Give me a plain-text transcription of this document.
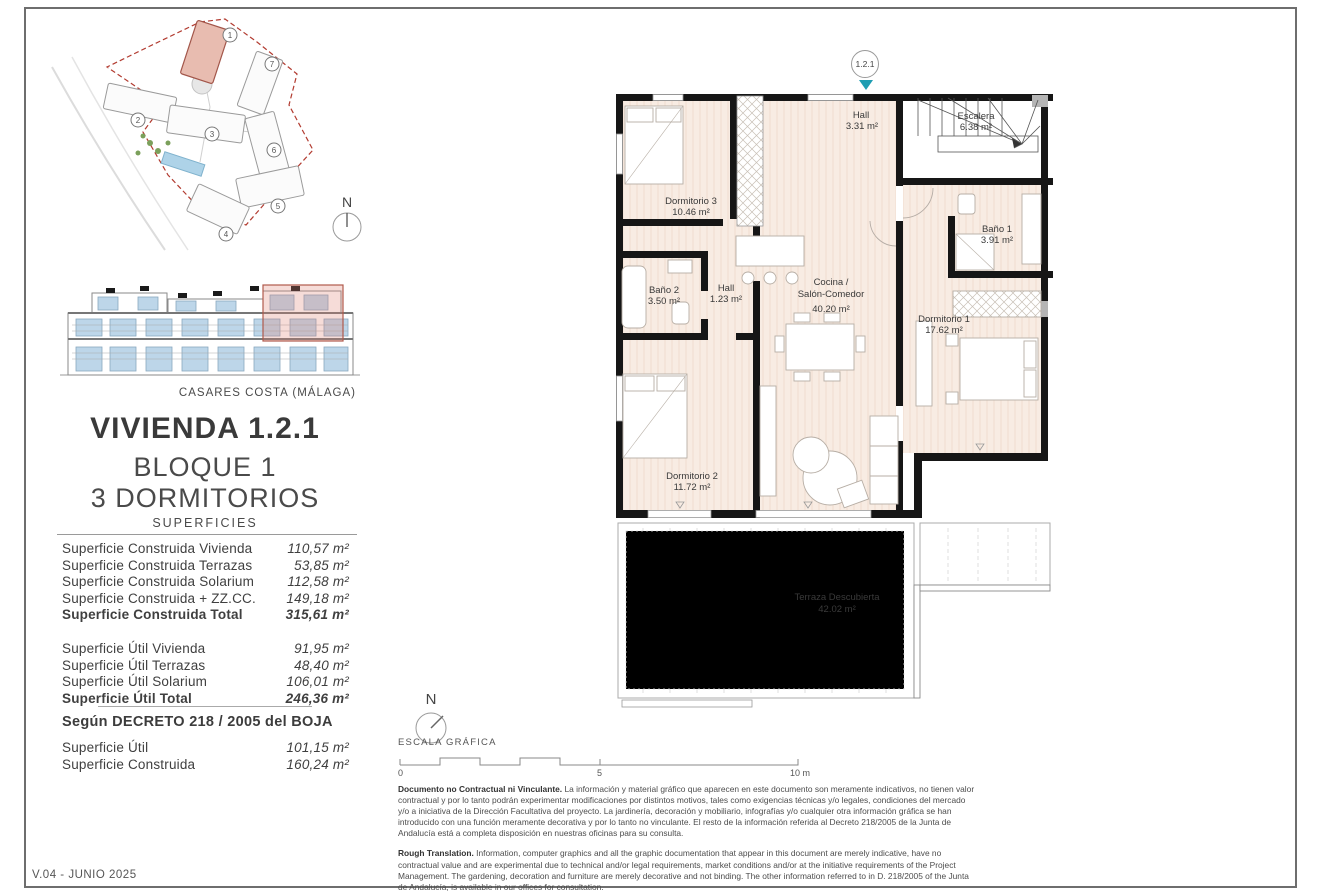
1
2
3
4
5
6
7
N
CASARES COSTA (MÁLAGA)
VIVIENDA 1.2.1
BLOQUE 1
3 DORMITORIOS
SUPERFICIES
Superficie Construida Vivienda	110,57 m²
Superficie Construida Terrazas	53,85 m²
Superficie Construida Solarium 112,58 m²
Superficie Construida + ZZ.CC. 149,18 m²
Superficie Construida Total	315,61 m²
Superficie Útil Vivienda	91,95 m²
Superficie Útil Terrazas	48,40 m²
Superficie Útil Solarium	106,01 m²
Superficie Útil Total	246,36 m²
Según DECRETO 218 / 2005 del BOJA
Superficie Útil	101,15 m²
Superficie Construida	160,24 m²
1.2.1
Hall
3.31 m²
Escalera
6.38 m²
Dormitorio 3
10.46 m²
Baño 1
3.91 m²
Baño 2
3.50 m²
Hall
1.23 m²
Cocina /
Salón-Comedor
40.20 m²
Dormitorio 1
17.62 m²
Dormitorio 2
11.72 m²
Terraza Descubierta
42.02 m²
N
ESCALA GRÁFICA
0	5	10 m

Documento no Contractual ni Vinculante. La información y material gráfico que aparecen en este documento son meramente indicativos, no tienen valor contractual y por lo tanto podrán experimentar modificaciones por distintos motivos, tales como exigencias técnicas y/o legales, condiciones del mercado y/o a iniciativa de la Dirección Facultativa del proyecto. La jardinería, decoración y mobiliario, infografías y/o cualquier otra información gráfica se han introducido con una función meramente decorativa y por lo tanto no vinculante. El resto de la información referida al Decreto 218/2005 de la Junta de Andalucía está a completa disposición en nuestras oficinas para su consulta.

Rough Translation. Information, computer graphics and all the graphic documentation that appear in this document are merely indicative, have no contractual value and are experimental due to technical and/or legal requirements, market conditions and/or at the initiative requirements of the Project Management. The gardening, decoration and furniture are merely decorative and not binding. The other information referred to in D. 218/2005 of the Junta de Andalucía, is available in our offices for consultation.

V.04 - JUNIO 2025
